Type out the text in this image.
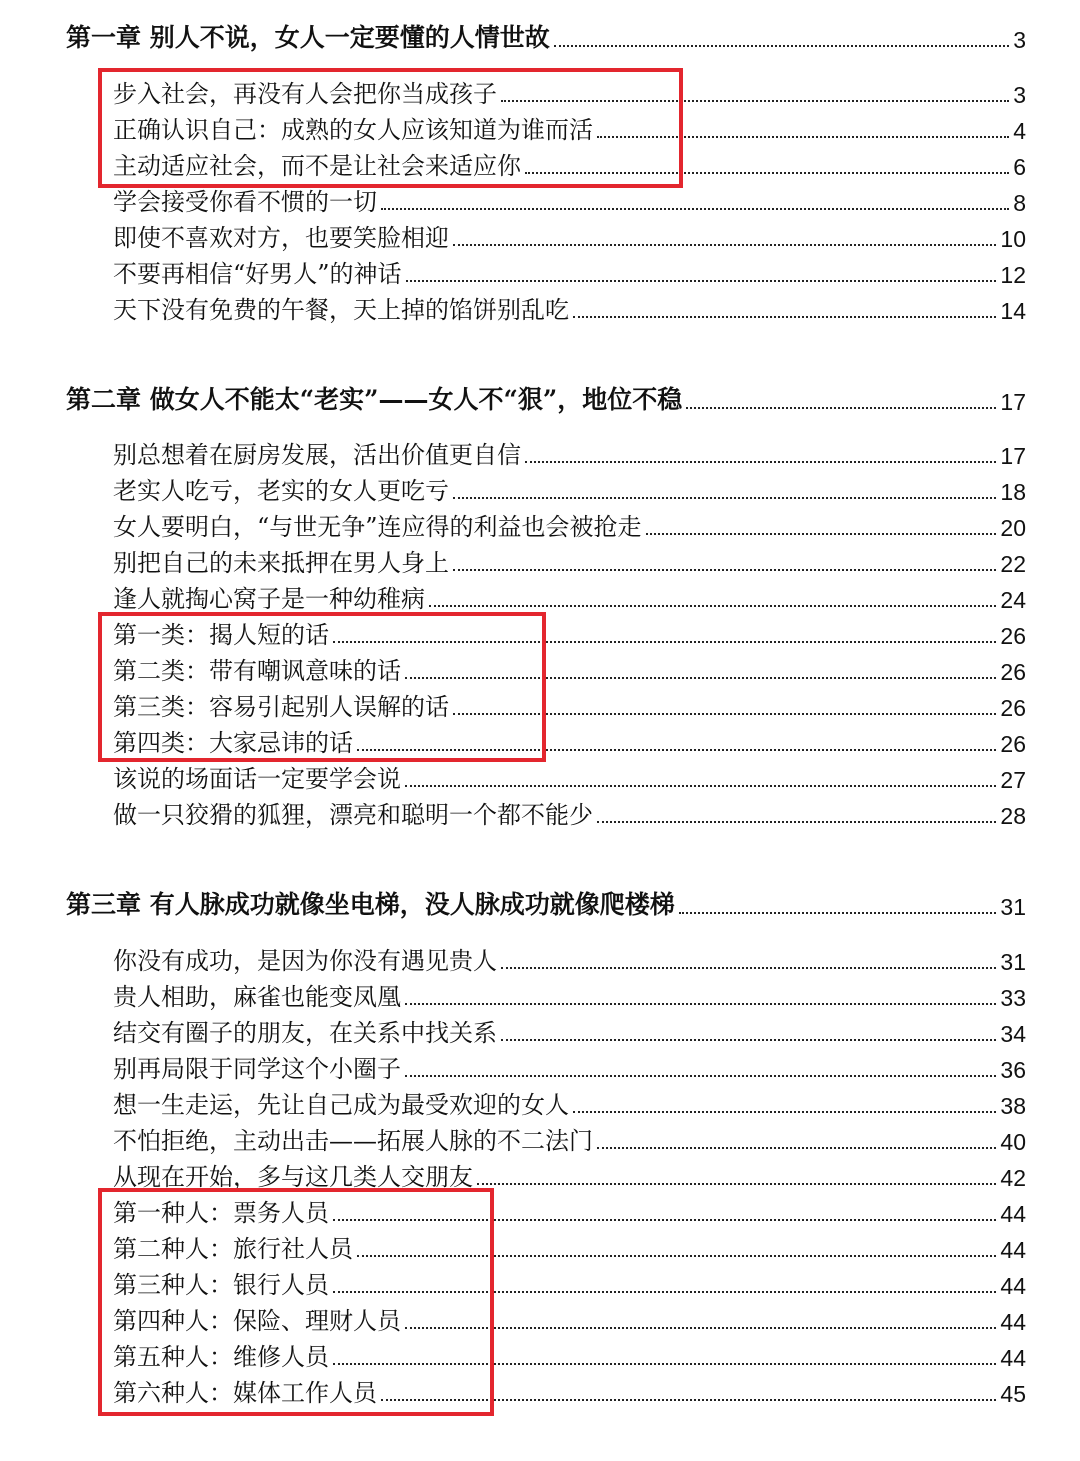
第一章 别人不说，女人一定要懂的人情世故	3
步入社会，再没有人会把你当成孩子	3
正确认识自己：成熟的女人应该知道为谁而活	4
主动适应社会，而不是让社会来适应你	6
学会接受你看不惯的一切	8
即使不喜欢对方，也要笑脸相迎	10
不要再相信“好男人”的神话	12
天下没有免费的午餐，天上掉的馅饼别乱吃	14
第二章 做女人不能太“老实”——女人不“狠”，地位不稳	17
别总想着在厨房发展，活出价值更自信	17
老实人吃亏，老实的女人更吃亏	18
女人要明白，“与世无争”连应得的利益也会被抢走	20
别把自己的未来抵押在男人身上	22
逢人就掏心窝子是一种幼稚病	24
第一类：揭人短的话	26
第二类：带有嘲讽意味的话	26
第三类：容易引起别人误解的话	26
第四类：大家忌讳的话	26
该说的场面话一定要学会说	27
做一只狡猾的狐狸，漂亮和聪明一个都不能少	28
第三章 有人脉成功就像坐电梯，没人脉成功就像爬楼梯	31
你没有成功，是因为你没有遇见贵人	31
贵人相助，麻雀也能变凤凰	33
结交有圈子的朋友，在关系中找关系	34
别再局限于同学这个小圈子	36
想一生走运，先让自己成为最受欢迎的女人	38
不怕拒绝，主动出击——拓展人脉的不二法门	40
从现在开始，多与这几类人交朋友	42
第一种人：票务人员	44
第二种人：旅行社人员	44
第三种人：银行人员	44
第四种人：保险、理财人员	44
第五种人：维修人员	44
第六种人：媒体工作人员	45
